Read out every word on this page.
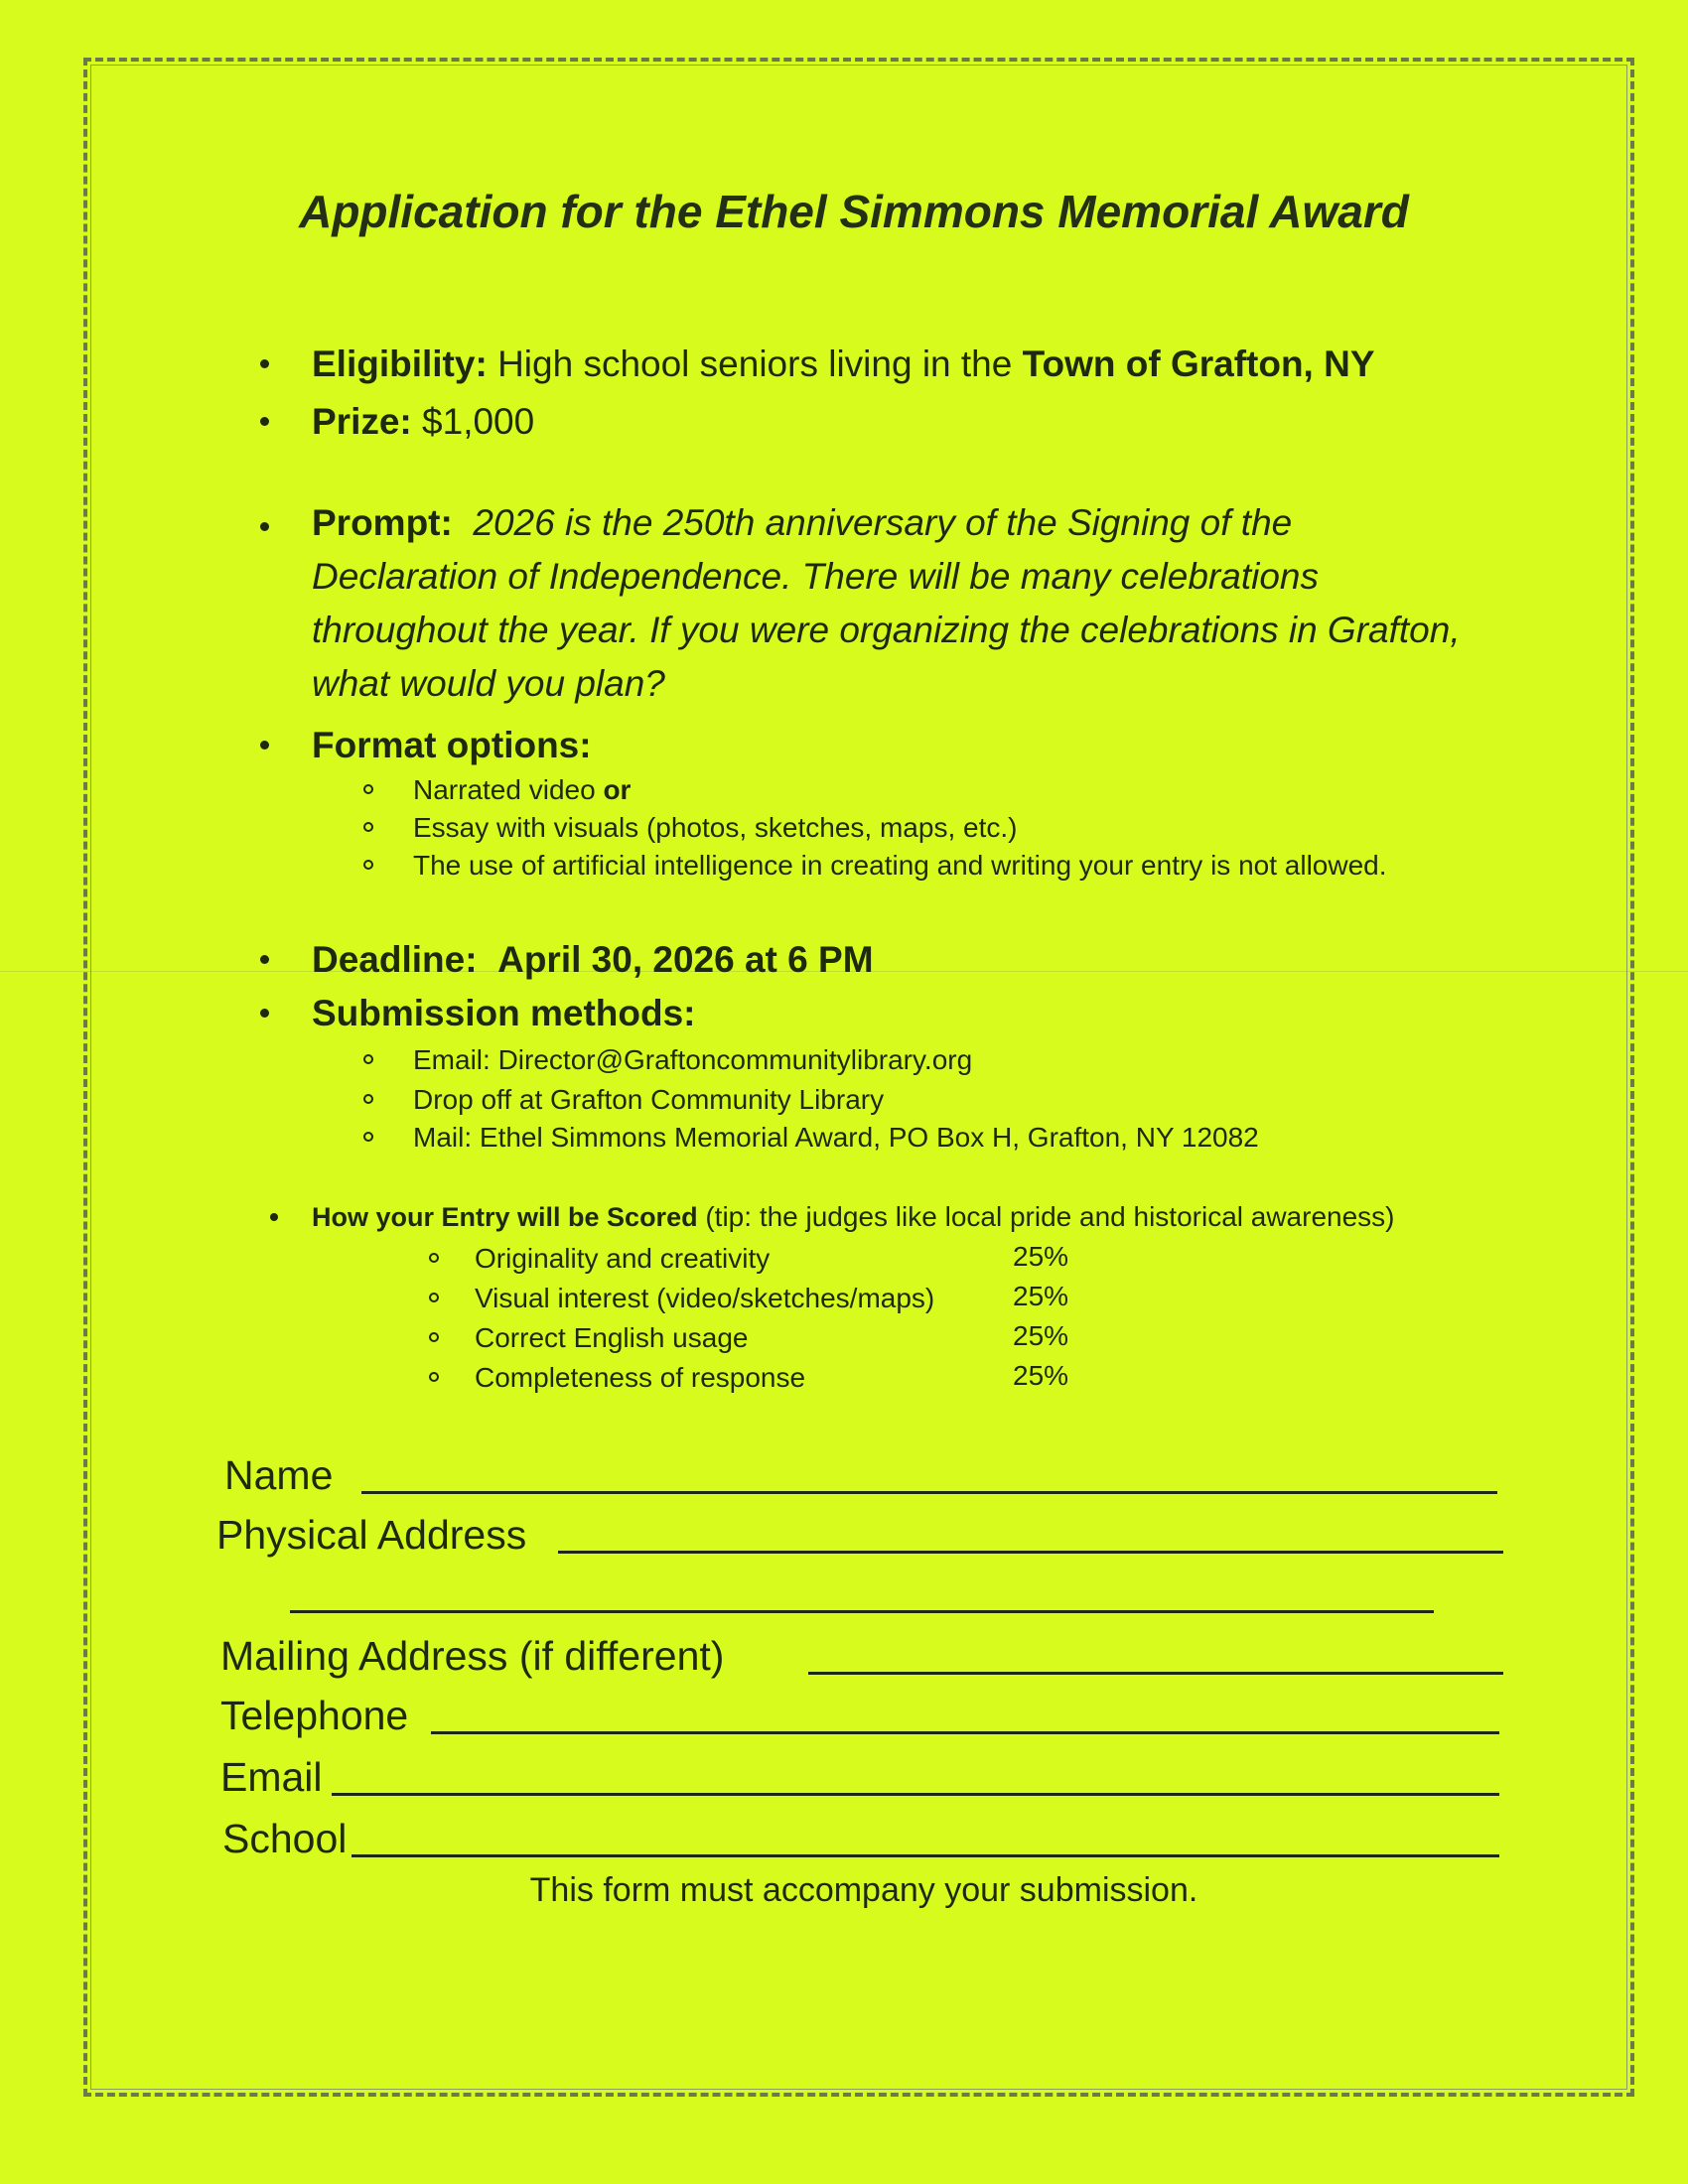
Application for the Ethel Simmons Memorial Award
Eligibility: High school seniors living in the Town of Grafton, NY
Prize: $1,000
Prompt: 2026 is the 250th anniversary of the Signing of the Declaration of Independence. There will be many celebrations throughout the year. If you were organizing the celebrations in Grafton, what would you plan?
Format options:
Narrated video or
Essay with visuals (photos, sketches, maps, etc.)
The use of artificial intelligence in creating and writing your entry is not allowed.
Deadline: April 30, 2026 at 6 PM
Submission methods:
Email: Director@Graftoncommunitylibrary.org
Drop off at Grafton Community Library
Mail: Ethel Simmons Memorial Award, PO Box H, Grafton, NY 12082
How your Entry will be Scored (tip: the judges like local pride and historical awareness)
Originality and creativity	25%
Visual interest (video/sketches/maps)	25%
Correct English usage	25%
Completeness of response	25%
Name
Physical Address
Mailing Address (if different)
Telephone
Email
School
This form must accompany your submission.
